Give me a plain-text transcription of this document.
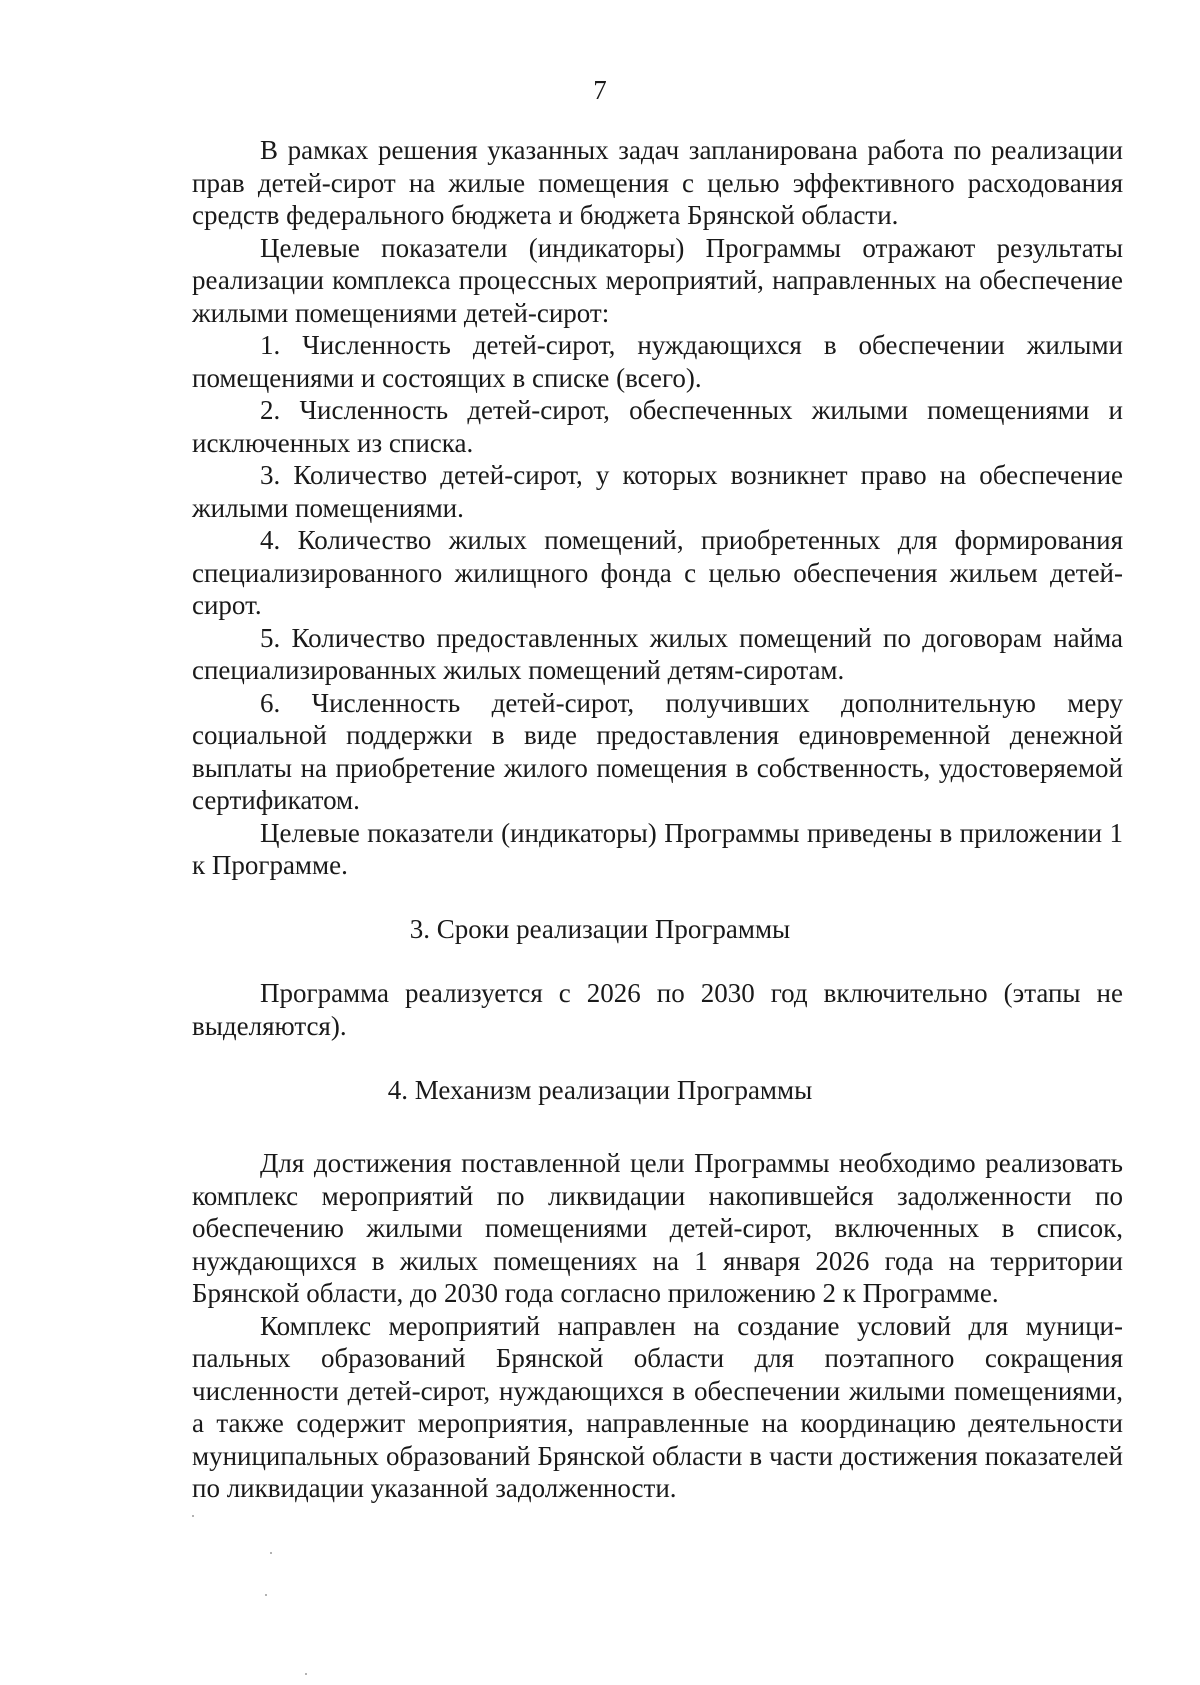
7

В рамках решения указанных задач запланирована работа по реализации прав детей-сирот на жилые помещения с целью эффективного расходования средств федерального бюджета и бюджета Брянской области.

Целевые показатели (индикаторы) Программы отражают результаты реализации комплекса процессных мероприятий, направленных на обеспечение жилыми помещениями детей-сирот:

1. Численность детей-сирот, нуждающихся в обеспечении жилыми помещениями и состоящих в списке (всего).

2. Численность детей-сирот, обеспеченных жилыми помещениями и исключенных из списка.

3. Количество детей-сирот, у которых возникнет право на обеспечение жилыми помещениями.

4. Количество жилых помещений, приобретенных для формирования специализированного жилищного фонда с целью обеспечения жильем детей-сирот.

5. Количество предоставленных жилых помещений по договорам найма специализированных жилых помещений детям-сиротам.

6. Численность детей-сирот, получивших дополнительную меру социальной поддержки в виде предоставления единовременной денежной выплаты на приобретение жилого помещения в собственность, удостоверяемой сертификатом.

Целевые показатели (индикаторы) Программы приведены в приложении 1 к Программе.

3. Сроки реализации Программы

Программа реализуется с 2026 по 2030 год включительно (этапы не выделяются).

4. Механизм реализации Программы

Для достижения поставленной цели Программы необходимо реализовать комплекс мероприятий по ликвидации накопившейся задолженности по обеспечению жилыми помещениями детей-сирот, включенных в список, нуждающихся в жилых помещениях на 1 января 2026 года на территории Брянской области, до 2030 года согласно приложению 2 к Программе.

Комплекс мероприятий направлен на создание условий для муниципальных образований Брянской области для поэтапного сокращения численности детей-сирот, нуждающихся в обеспечении жилыми помещениями, а также содержит мероприятия, направленные на координацию деятельности муниципальных образований Брянской области в части достижения показателей по ликвидации указанной задолженности.
